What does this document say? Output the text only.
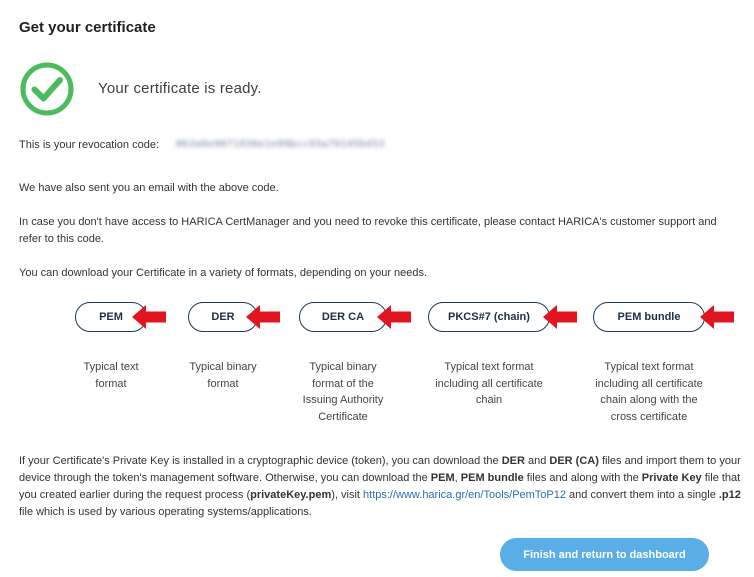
Get your certificate
Your certificate is ready.
This is your revocation code: 063a9e9071930e1e99bcc93a79145bd33
We have also sent you an email with the above code.
In case you don't have access to HARICA CertManager and you need to revoke this certificate, please contact HARICA's customer support and refer to this code.
You can download your Certificate in a variety of formats, depending on your needs.
PEM	DER	DER CA	PKCS#7 (chain)	PEM bundle
Typical text format
Typical binary format
Typical binary format of the Issuing Authority Certificate
Typical text format including all certificate chain
Typical text format including all certificate chain along with the cross certificate
If your Certificate's Private Key is installed in a cryptographic device (token), you can download the DER and DER (CA) files and import them to your device through the token's management software. Otherwise, you can download the PEM, PEM bundle files and along with the Private Key file that you created earlier during the request process (privateKey.pem), visit https://www.harica.gr/en/Tools/PemToP12 and convert them into a single .p12 file which is used by various operating systems/applications.
Finish and return to dashboard
